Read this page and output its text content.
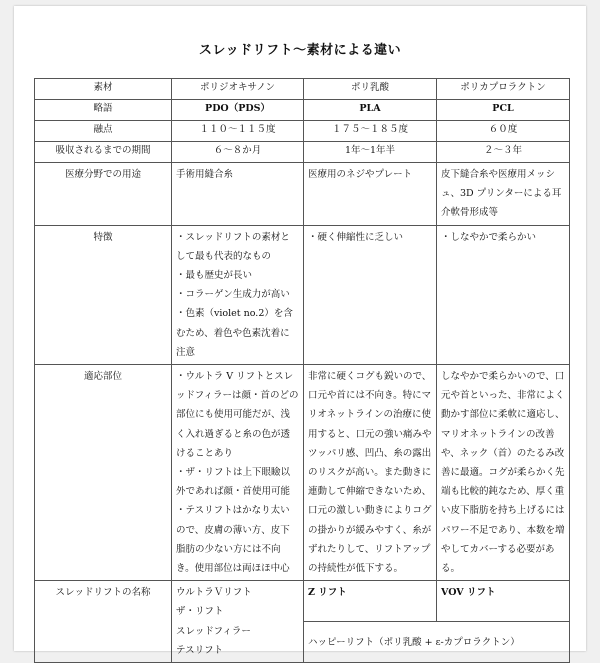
スレッドリフト〜素材による違い
素材	ポリジオキサノン	ポリ乳酸	ポリカプロラクトン
略語	PDO（PDS）	PLA	PCL
融点	１１０〜１１５度	１７５〜１８５度	６０度
吸収されるまでの期間	６〜８か月	1年〜1年半	２〜３年
医療分野での用途	手術用縫合糸	医療用のネジやプレート	皮下縫合糸や医療用メッシュ、3D プリンターによる耳介軟骨形成等
特徴	・スレッドリフトの素材として最も代表的なもの
・最も歴史が長い
・コラーゲン生成力が高い
・色素（violet no.2）を含むため、着色や色素沈着に注意	・硬く伸縮性に乏しい	・しなやかで柔らかい
適応部位	・ウルトラ V リフトとスレッドフィラーは顔・首のどの部位にも使用可能だが、浅く入れ過ぎると糸の色が透けることあり
・ザ・リフトは上下眼瞼以外であれば顔・首使用可能
・テスリフトはかなり太いので、皮膚の薄い方、皮下脂肪の少ない方には不向き。使用部位は両ほほ中心	非常に硬くコグも鋭いので、口元や首には不向き。特にマリオネットラインの治療に使用すると、口元の強い痛みやツッパリ感、凹凸、糸の露出のリスクが高い。また動きに連動して伸縮できないため、口元の激しい動きによりコグの掛かりが緩みやすく、糸がずれたりして、リフトアップの持続性が低下する。	しなやかで柔らかいので、口元や首といった、非常によく動かす部位に柔軟に適応し、マリオネットラインの改善や、ネック（首）のたるみ改善に最適。コグが柔らかく先端も比較的鈍なため、厚く重い皮下脂肪を持ち上げるにはパワー不足であり、本数を増やしてカバーする必要がある。
スレッドリフトの名称	ウルトラＶリフト
ザ・リフト
スレッドフィラー
テスリフト	Z リフト	VOV リフト
		ハッピーリフト（ポリ乳酸 + ε-カプロラクトン）	
